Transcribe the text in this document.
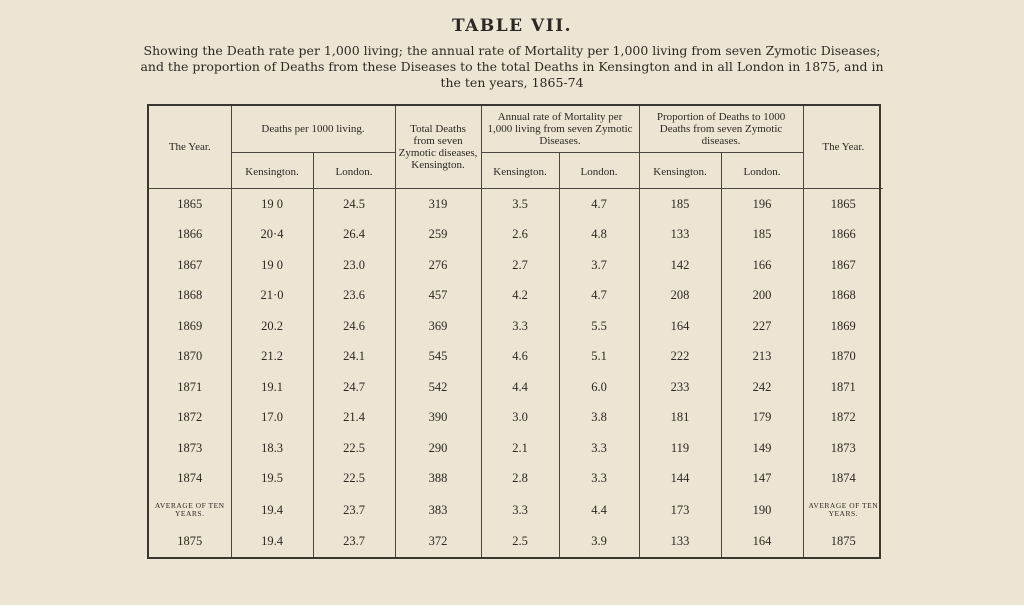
TABLE VII.
Showing the Death rate per 1,000 living; the annual rate of Mortality per 1,000 living from seven Zymotic Diseases; and the proportion of Deaths from these Diseases to the total Deaths in Kensington and in all London in 1875, and in the ten years, 1865-74
The Year.	Deaths per 1000 living.		Total Deaths from seven Zymotic diseases, Kensington.	Annual rate of Mortality per 1,000 living from seven Zymotic Diseases.		Proportion of Deaths to 1000 Deaths from seven Zymotic diseases.		The Year.
	Kensington.	London.		Kensington.	London.	Kensington.	London.	
1865	19 0	24.5	319	3.5	4.7	185	196	1865
1866	20·4	26.4	259	2.6	4.8	133	185	1866
1867	19 0	23.0	276	2.7	3.7	142	166	1867
1868	21·0	23.6	457	4.2	4.7	208	200	1868
1869	20.2	24.6	369	3.3	5.5	164	227	1869
1870	21.2	24.1	545	4.6	5.1	222	213	1870
1871	19.1	24.7	542	4.4	6.0	233	242	1871
1872	17.0	21.4	390	3.0	3.8	181	179	1872
1873	18.3	22.5	290	2.1	3.3	119	149	1873
1874	19.5	22.5	388	2.8	3.3	144	147	1874
AVERAGE OF TEN YEARS.	19.4	23.7	383	3.3	4.4	173	190	AVERAGE OF TEN YEARS.
1875	19.4	23.7	372	2.5	3.9	133	164	1875
